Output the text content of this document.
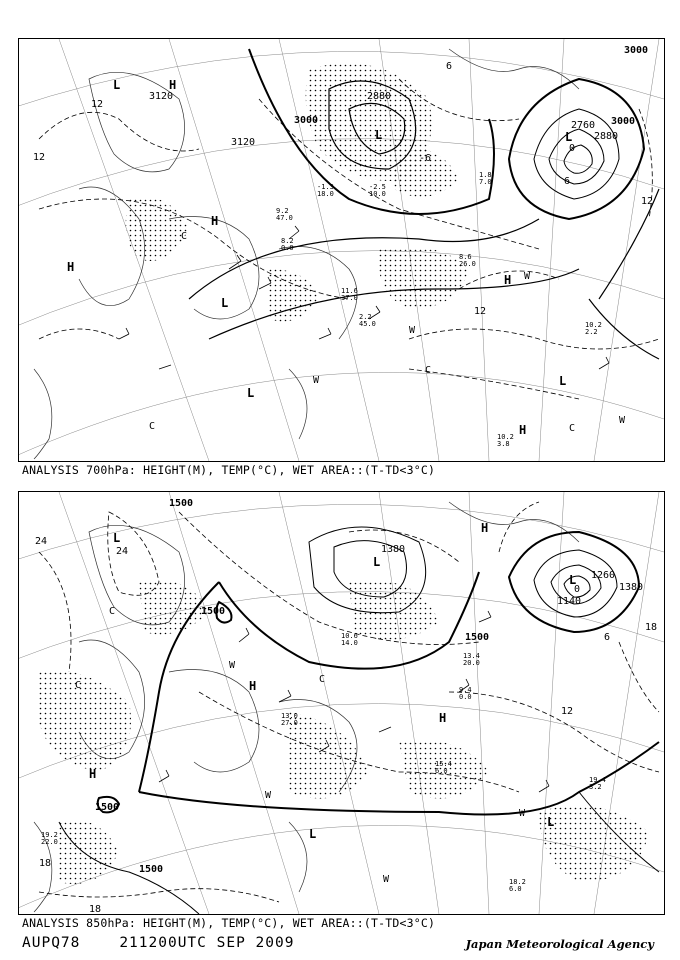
3000	3000
3000
2880
2760
2880
3120
3120
12
12
12
12
6
6
0
-6
H
H
H
H
H
L
L	L
L
L
L
W
W
W
W
C
C
C
C
9.2
47.0
8.2
0.0
11.6
37.0
2.2
45.0	10.2
2.2
10.2
3.8
-1.3
18.0
-2.5
10.0
1.8
7.0
8.6
26.0
ANALYSIS 700hPa: HEIGHT(M), TEMP(°C), WET AREA::(T-TD<3°C)
1500
1500
1500
1500
1500
1380
1380
1260
1140
24
18
18
18
12
6
0
24
H
H
H
H
L
L
L
L
L
W
W
W
W
C
C
C
13.0
27.0
10.6
14.0
19.4
3.2
15.4
6.0
18.2
6.0
19.2
22.0
13.4
20.0
9.4
0.0
ANALYSIS 850hPa: HEIGHT(M), TEMP(°C), WET AREA::(T-TD<3°C)
AUPQ78	211200UTC SEP 2009	Japan Meteorological Agency
